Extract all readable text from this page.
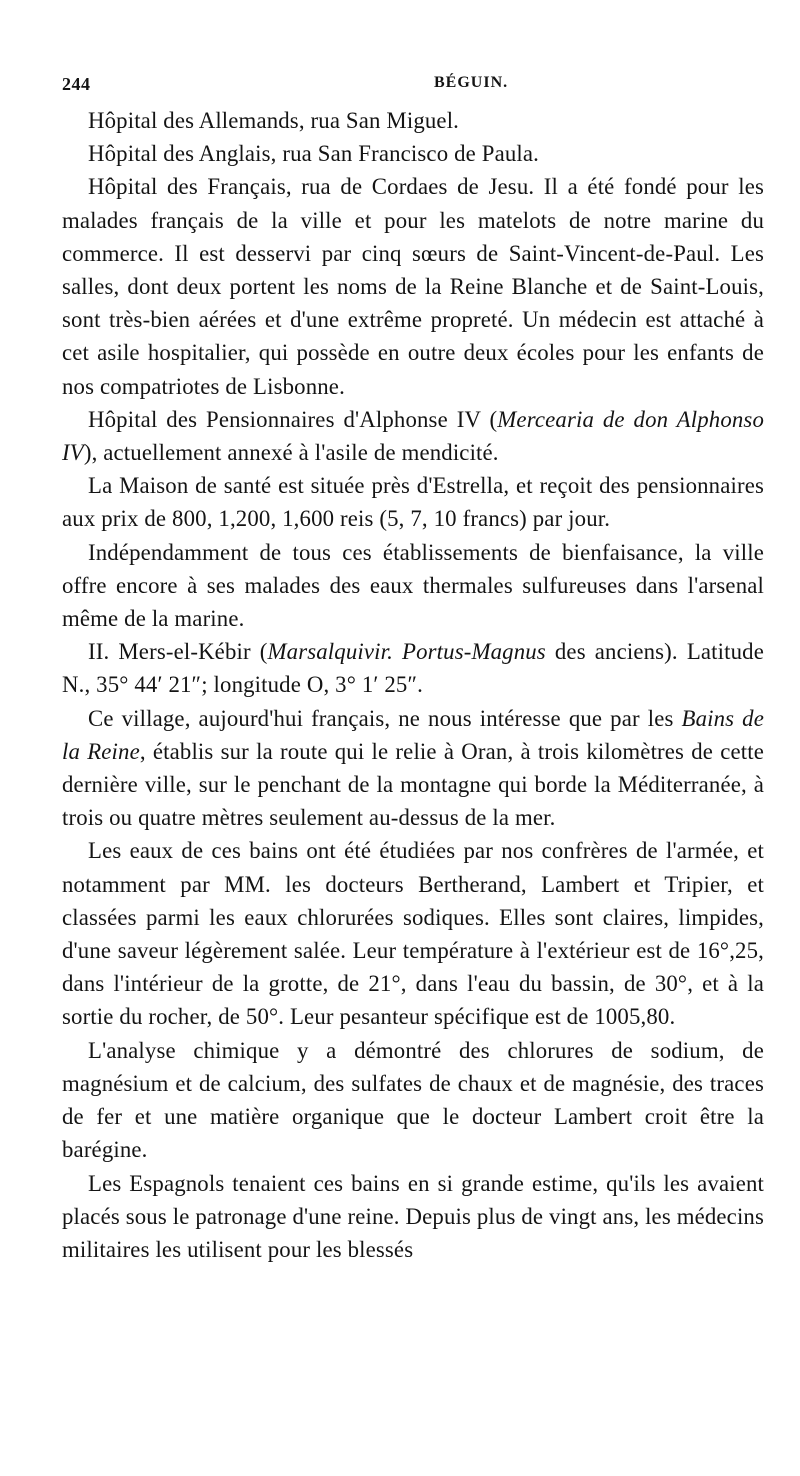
244	BÉGUIN.

Hôpital des Allemands, rua San Miguel.

Hôpital des Anglais, rua San Francisco de Paula.

Hôpital des Français, rua de Cordaes de Jesu. Il a été fondé pour les malades français de la ville et pour les matelots de notre marine du commerce. Il est desservi par cinq sœurs de Saint-Vincent-de-Paul. Les salles, dont deux portent les noms de la Reine Blanche et de Saint-Louis, sont très-bien aérées et d'une extrême propreté. Un médecin est attaché à cet asile hospitalier, qui possède en outre deux écoles pour les enfants de nos compatriotes de Lisbonne.

Hôpital des Pensionnaires d'Alphonse IV (Mercearia de don Alphonso IV), actuellement annexé à l'asile de mendicité.

La Maison de santé est située près d'Estrella, et reçoit des pensionnaires aux prix de 800, 1,200, 1,600 reis (5, 7, 10 francs) par jour.

Indépendamment de tous ces établissements de bienfaisance, la ville offre encore à ses malades des eaux thermales sulfureuses dans l'arsenal même de la marine.

II. Mers-el-Kébir (Marsalquivir. Portus-Magnus des anciens). Latitude N., 35° 44′ 21″; longitude O, 3° 1′ 25″.

Ce village, aujourd'hui français, ne nous intéresse que par les Bains de la Reine, établis sur la route qui le relie à Oran, à trois kilomètres de cette dernière ville, sur le penchant de la montagne qui borde la Méditerranée, à trois ou quatre mètres seulement au-dessus de la mer.

Les eaux de ces bains ont été étudiées par nos confrères de l'armée, et notamment par MM. les docteurs Bertherand, Lambert et Tripier, et classées parmi les eaux chlorurées sodiques. Elles sont claires, limpides, d'une saveur légèrement salée. Leur température à l'extérieur est de 16°,25, dans l'intérieur de la grotte, de 21°, dans l'eau du bassin, de 30°, et à la sortie du rocher, de 50°. Leur pesanteur spécifique est de 1005,80.

L'analyse chimique y a démontré des chlorures de sodium, de magnésium et de calcium, des sulfates de chaux et de magnésie, des traces de fer et une matière organique que le docteur Lambert croit être la barégine.

Les Espagnols tenaient ces bains en si grande estime, qu'ils les avaient placés sous le patronage d'une reine. Depuis plus de vingt ans, les médecins militaires les utilisent pour les blessés
